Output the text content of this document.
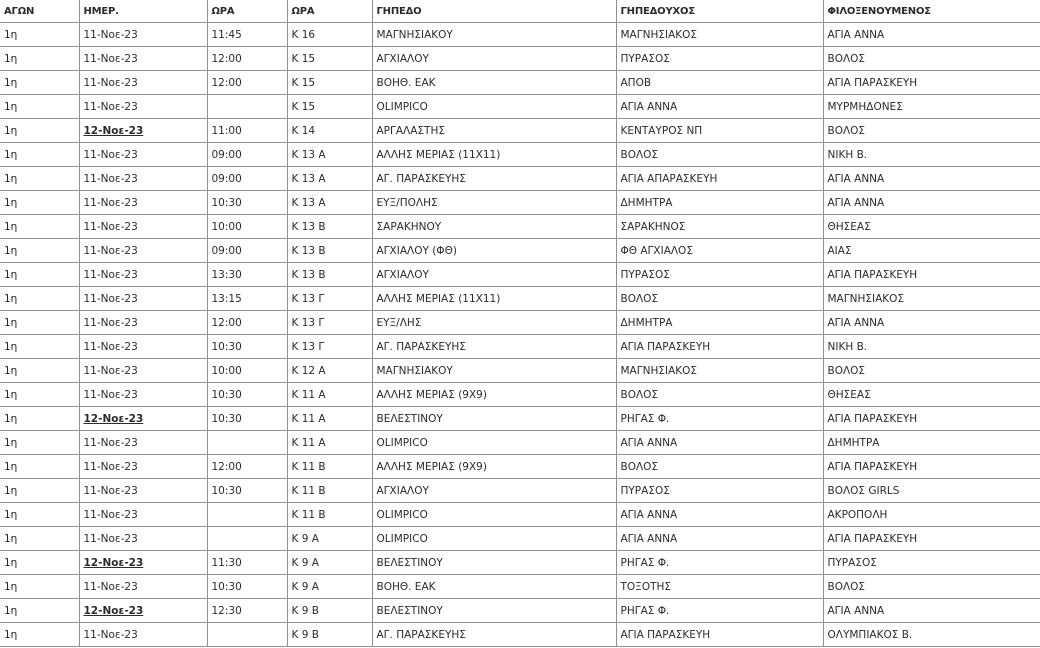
ΑΓΩΝ	ΗΜΕΡ.	ΩΡΑ	ΩΡΑ	ΓΗΠΕΔΟ	ΓΗΠΕΔΟΥΧΟΣ	ΦΙΛΟΞΕΝΟΥΜΕΝΟΣ
1η	11-Νοε-23	11:45	Κ 16	ΜΑΓΝΗΣΙΑΚΟΥ	ΜΑΓΝΗΣΙΑΚΟΣ	ΑΓΙΑ ΑΝΝΑ
1η	11-Νοε-23	12:00	Κ 15	ΑΓΧΙΑΛΟΥ	ΠΥΡΑΣΟΣ	ΒΟΛΟΣ
1η	11-Νοε-23	12:00	Κ 15	ΒΟΗΘ. ΕΑΚ	ΑΠΟΒ	ΑΓΙΑ ΠΑΡΑΣΚΕΥΗ
1η	11-Νοε-23		Κ 15	OLIMPICO	ΑΓΙΑ ΑΝΝΑ	ΜΥΡΜΗΔΟΝΕΣ
1η	12-Νοε-23	11:00	Κ 14	ΑΡΓΑΛΑΣΤΗΣ	ΚΕΝΤΑΥΡΟΣ ΝΠ	ΒΟΛΟΣ
1η	11-Νοε-23	09:00	Κ 13 Α	ΑΛΛΗΣ ΜΕΡΙΑΣ (11Χ11)	ΒΟΛΟΣ	ΝΙΚΗ Β.
1η	11-Νοε-23	09:00	Κ 13 Α	ΑΓ. ΠΑΡΑΣΚΕΥΗΣ	ΑΓΙΑ ΑΠΑΡΑΣΚΕΥΗ	ΑΓΙΑ ΑΝΝΑ
1η	11-Νοε-23	10:30	Κ 13 Α	ΕΥΞ/ΠΟΛΗΣ	ΔΗΜΗΤΡΑ	ΑΓΙΑ ΑΝΝΑ
1η	11-Νοε-23	10:00	Κ 13 Β	ΣΑΡΑΚΗΝΟΥ	ΣΑΡΑΚΗΝΟΣ	ΘΗΣΕΑΣ
1η	11-Νοε-23	09:00	Κ 13 Β	ΑΓΧΙΑΛΟΥ (ΦΘ)	ΦΘ ΑΓΧΙΑΛΟΣ	ΑΙΑΣ
1η	11-Νοε-23	13:30	Κ 13 Β	ΑΓΧΙΑΛΟΥ	ΠΥΡΑΣΟΣ	ΑΓΙΑ ΠΑΡΑΣΚΕΥΗ
1η	11-Νοε-23	13:15	Κ 13 Γ	ΑΛΛΗΣ ΜΕΡΙΑΣ (11Χ11)	ΒΟΛΟΣ	ΜΑΓΝΗΣΙΑΚΟΣ
1η	11-Νοε-23	12:00	Κ 13 Γ	ΕΥΞ/ΛΗΣ	ΔΗΜΗΤΡΑ	ΑΓΙΑ ΑΝΝΑ
1η	11-Νοε-23	10:30	Κ 13 Γ	ΑΓ. ΠΑΡΑΣΚΕΥΗΣ	ΑΓΙΑ ΠΑΡΑΣΚΕΥΗ	ΝΙΚΗ Β.
1η	11-Νοε-23	10:00	Κ 12 Α	ΜΑΓΝΗΣΙΑΚΟΥ	ΜΑΓΝΗΣΙΑΚΟΣ	ΒΟΛΟΣ
1η	11-Νοε-23	10:30	Κ 11 Α	ΑΛΛΗΣ ΜΕΡΙΑΣ (9Χ9)	ΒΟΛΟΣ	ΘΗΣΕΑΣ
1η	12-Νοε-23	10:30	Κ 11 Α	ΒΕΛΕΣΤΙΝΟΥ	ΡΗΓΑΣ Φ.	ΑΓΙΑ ΠΑΡΑΣΚΕΥΗ
1η	11-Νοε-23		Κ 11 Α	OLIMPICO	ΑΓΙΑ ΑΝΝΑ	ΔΗΜΗΤΡΑ
1η	11-Νοε-23	12:00	Κ 11 Β	ΑΛΛΗΣ ΜΕΡΙΑΣ (9Χ9)	ΒΟΛΟΣ	ΑΓΙΑ ΠΑΡΑΣΚΕΥΗ
1η	11-Νοε-23	10:30	Κ 11 Β	ΑΓΧΙΑΛΟΥ	ΠΥΡΑΣΟΣ	ΒΟΛΟΣ GIRLS
1η	11-Νοε-23		Κ 11 Β	OLIMPICO	ΑΓΙΑ ΑΝΝΑ	ΑΚΡΟΠΟΛΗ
1η	11-Νοε-23		Κ 9 Α	OLIMPICO	ΑΓΙΑ ΑΝΝΑ	ΑΓΙΑ ΠΑΡΑΣΚΕΥΗ
1η	12-Νοε-23	11:30	Κ 9 Α	ΒΕΛΕΣΤΙΝΟΥ	ΡΗΓΑΣ Φ.	ΠΥΡΑΣΟΣ
1η	11-Νοε-23	10:30	Κ 9 Α	ΒΟΗΘ. ΕΑΚ	ΤΟΞΟΤΗΣ	ΒΟΛΟΣ
1η	12-Νοε-23	12:30	Κ 9 Β	ΒΕΛΕΣΤΙΝΟΥ	ΡΗΓΑΣ Φ.	ΑΓΙΑ ΑΝΝΑ
1η	11-Νοε-23		Κ 9 Β	ΑΓ. ΠΑΡΑΣΚΕΥΗΣ	ΑΓΙΑ ΠΑΡΑΣΚΕΥΗ	ΟΛΥΜΠΙΑΚΟΣ Β.
